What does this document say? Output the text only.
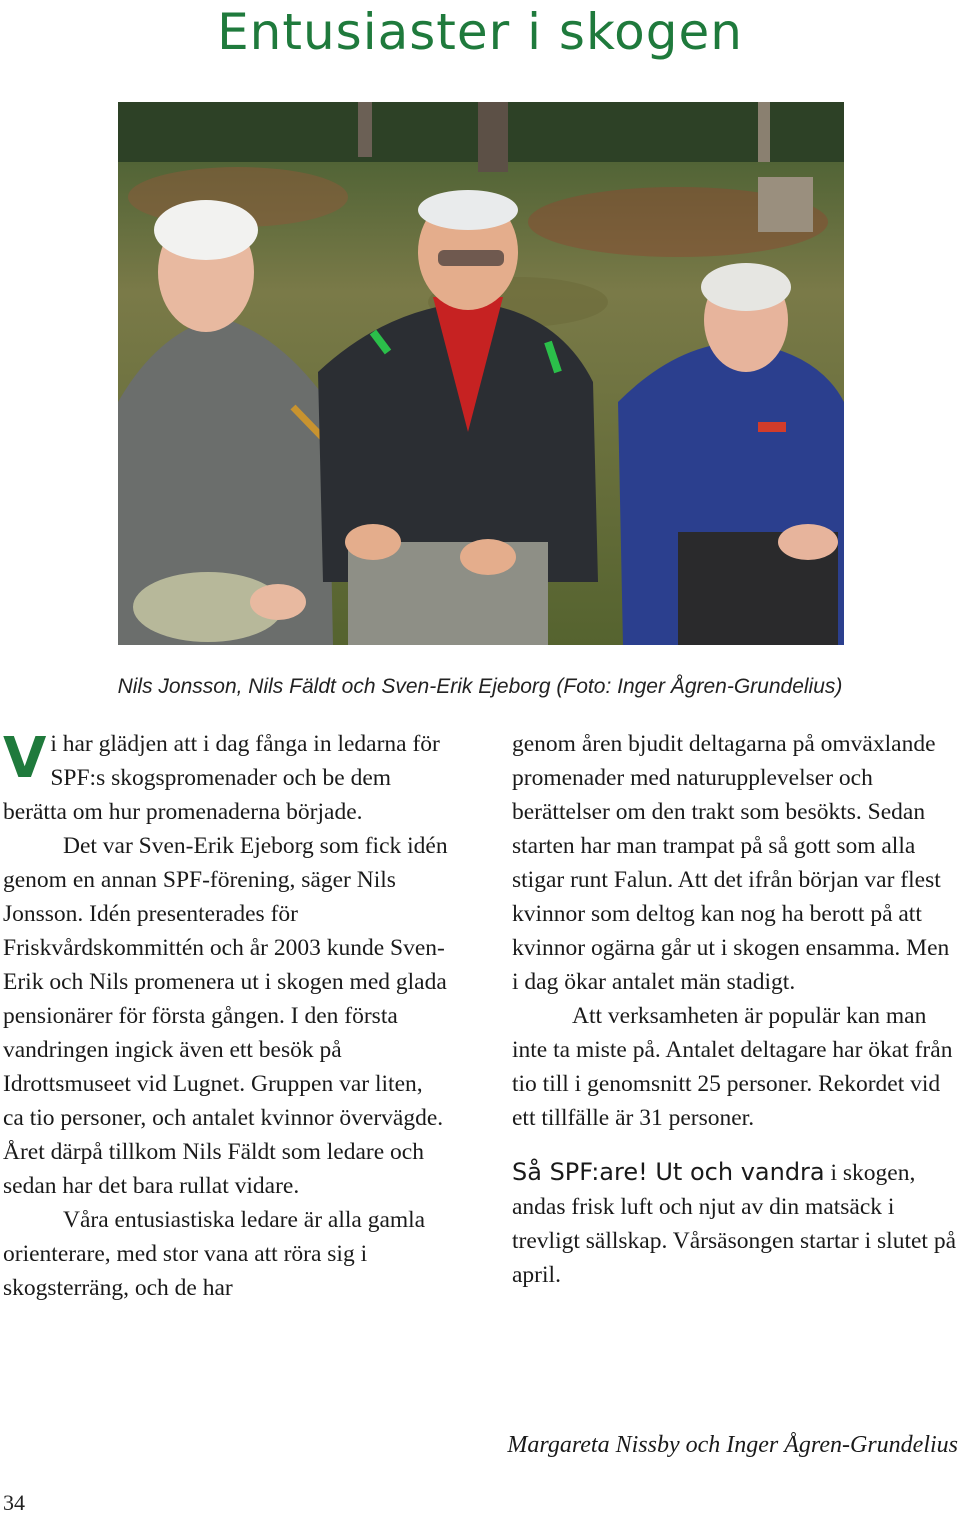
Entusiaster i skogen
Nils Jonsson, Nils Fäldt och Sven-Erik Ejeborg (Foto: Inger Ågren-Grundelius)

Vi har glädjen att i dag fånga in ledarna för SPF:s skogspromenader och be dem berätta om hur promenaderna började.

Det var Sven-Erik Ejeborg som fick idén genom en annan SPF-förening, säger Nils Jonsson. Idén presenterades för Friskvårdskommittén och år 2003 kunde Sven-Erik och Nils promenera ut i skogen med glada pensionärer för första gången. I den första vandringen ingick även ett besök på Idrottsmuseet vid Lugnet. Gruppen var liten, ca tio personer, och antalet kvinnor övervägde. Året därpå tillkom Nils Fäldt som ledare och sedan har det bara rullat vidare.

Våra entusiastiska ledare är alla gamla orienterare, med stor vana att röra sig i skogsterräng, och de har

genom åren bjudit deltagarna på omväxlande promenader med naturupplevelser och berättelser om den trakt som besökts. Sedan starten har man trampat på så gott som alla stigar runt Falun. Att det ifrån början var flest kvinnor som deltog kan nog ha berott på att kvinnor ogärna går ut i skogen ensamma. Men i dag ökar antalet män stadigt.

Att verksamheten är populär kan man inte ta miste på. Antalet deltagare har ökat från tio till i genomsnitt 25 personer. Rekordet vid ett tillfälle är 31 personer.

Så SPF:are! Ut och vandra i skogen, andas frisk luft och njut av din matsäck i trevligt sällskap. Vårsäsongen startar i slutet på april.

Margareta Nissby och Inger Ågren-Grundelius
34
